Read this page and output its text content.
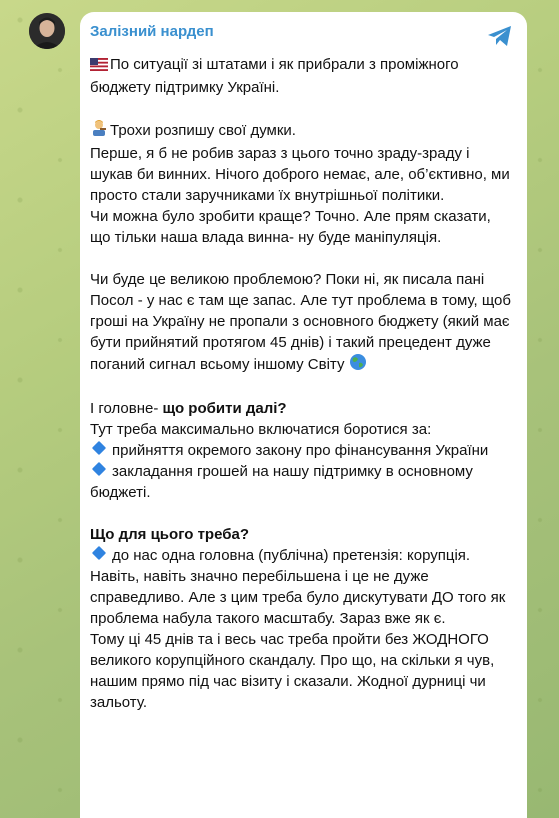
Залізний нардеп

По ситуації зі штатами і як прибрали з проміжного бюджету підтримку Україні.

Трохи розпишу свої думки.
Перше, я б не робив зараз з цього точно зраду-зраду і шукав би винних. Нічого доброго немає, але, об’єктивно, ми просто стали заручниками їх внутрішньої політики.
Чи можна було зробити краще? Точно. Але прям сказати, що тільки наша влада винна- ну буде маніпуляція.

Чи буде це великою проблемою? Поки ні, як писала пані Посол - у нас є там ще запас. Але тут проблема в тому, щоб гроші на Україну не пропали з основного бюджету (який має бути прийнятий протягом 45 днів) і такий прецедент дуже поганий сигнал всьому іншому Світу

І головне- що робити далі?
Тут треба максимально включатися боротися за:
прийняття окремого закону про фінансування України
закладання грошей на нашу підтримку в основному бюджеті.

Що для цього треба?
до нас одна головна (публічна) претензія: корупція. Навіть, навіть значно перебільшена і це не дуже справедливо. Але з цим треба було дискутувати ДО того як проблема набула такого масштабу. Зараз вже як є.
Тому ці 45 днів та і весь час треба пройти без ЖОДНОГО великого корупційного скандалу. Про що, на скільки я чув, нашим прямо під час візиту і сказали. Жодної дурниці чи зальоту.
